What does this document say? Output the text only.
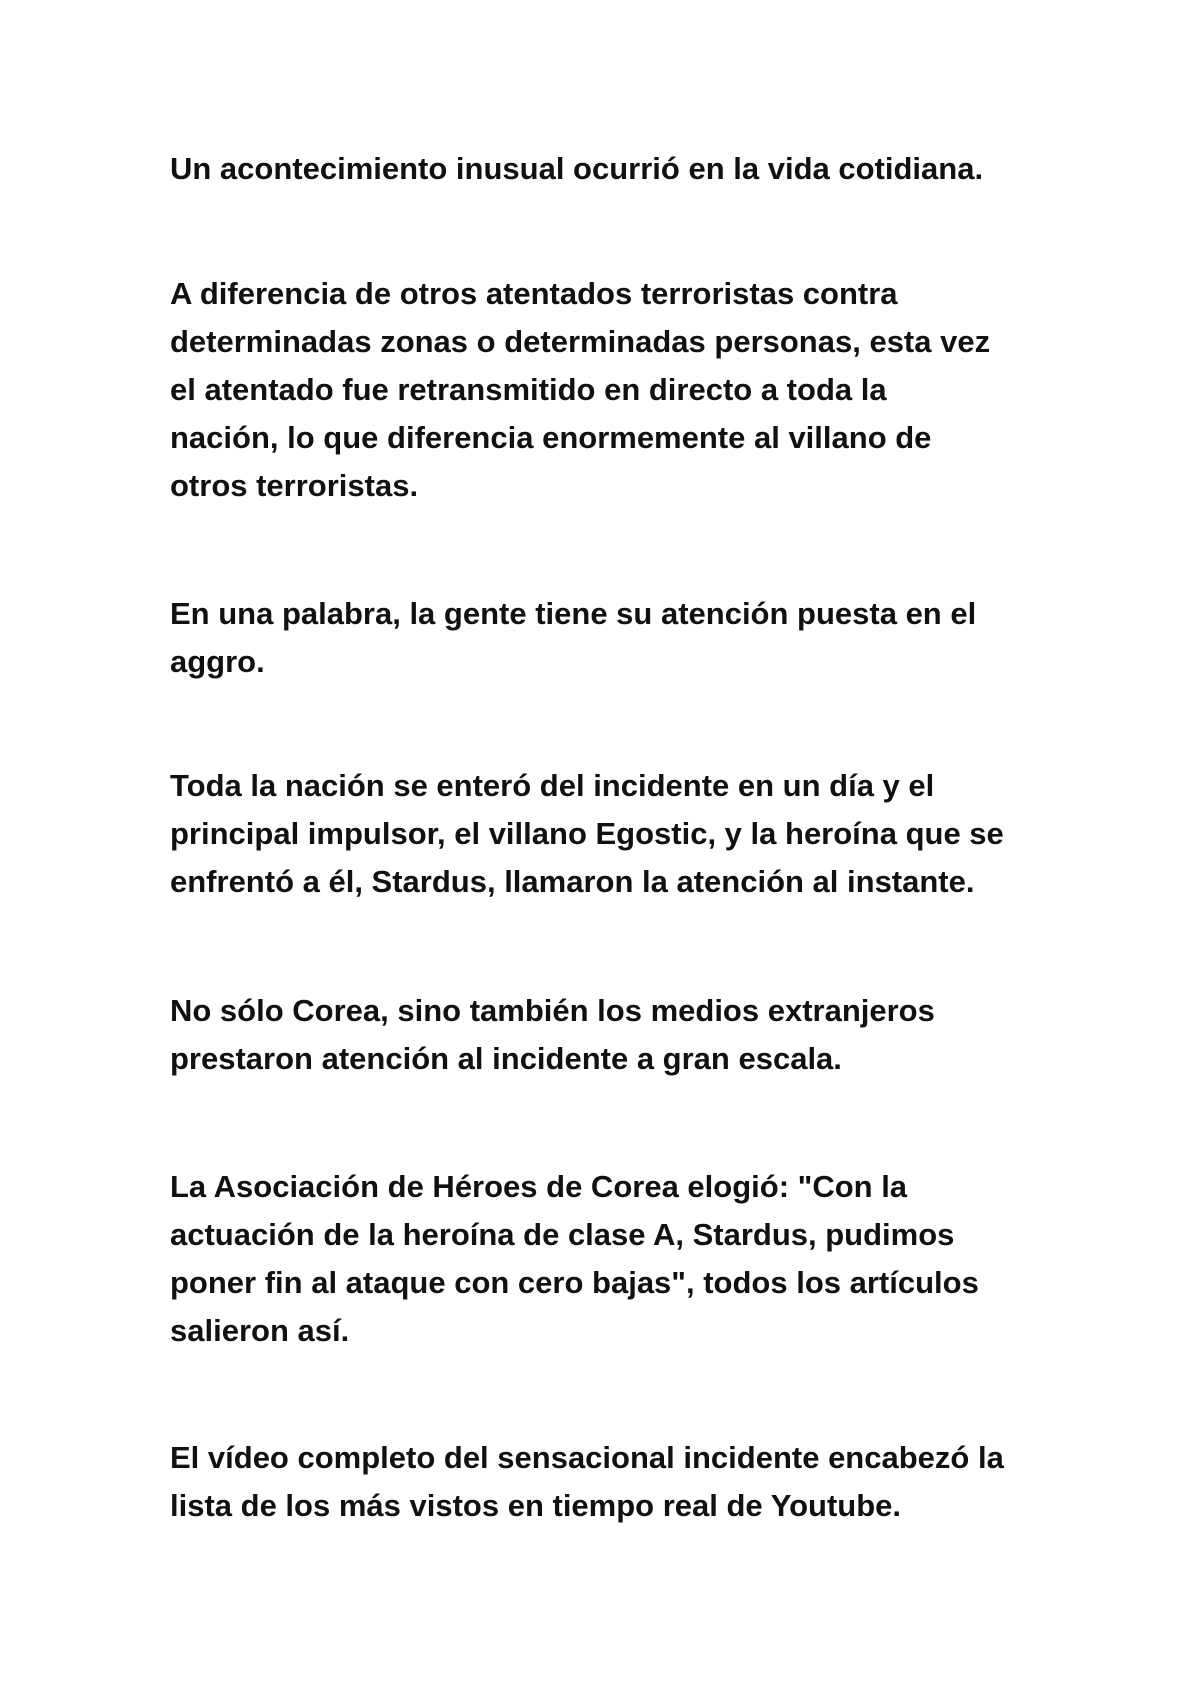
Un acontecimiento inusual ocurrió en la vida cotidiana.

A diferencia de otros atentados terroristas contra
determinadas zonas o determinadas personas, esta vez
el atentado fue retransmitido en directo a toda la
nación, lo que diferencia enormemente al villano de
otros terroristas.

En una palabra, la gente tiene su atención puesta en el
aggro.

Toda la nación se enteró del incidente en un día y el
principal impulsor, el villano Egostic, y la heroína que se
enfrentó a él, Stardus, llamaron la atención al instante.

No sólo Corea, sino también los medios extranjeros
prestaron atención al incidente a gran escala.

La Asociación de Héroes de Corea elogió: "Con la
actuación de la heroína de clase A, Stardus, pudimos
poner fin al ataque con cero bajas", todos los artículos
salieron así.

El vídeo completo del sensacional incidente encabezó la
lista de los más vistos en tiempo real de Youtube.
